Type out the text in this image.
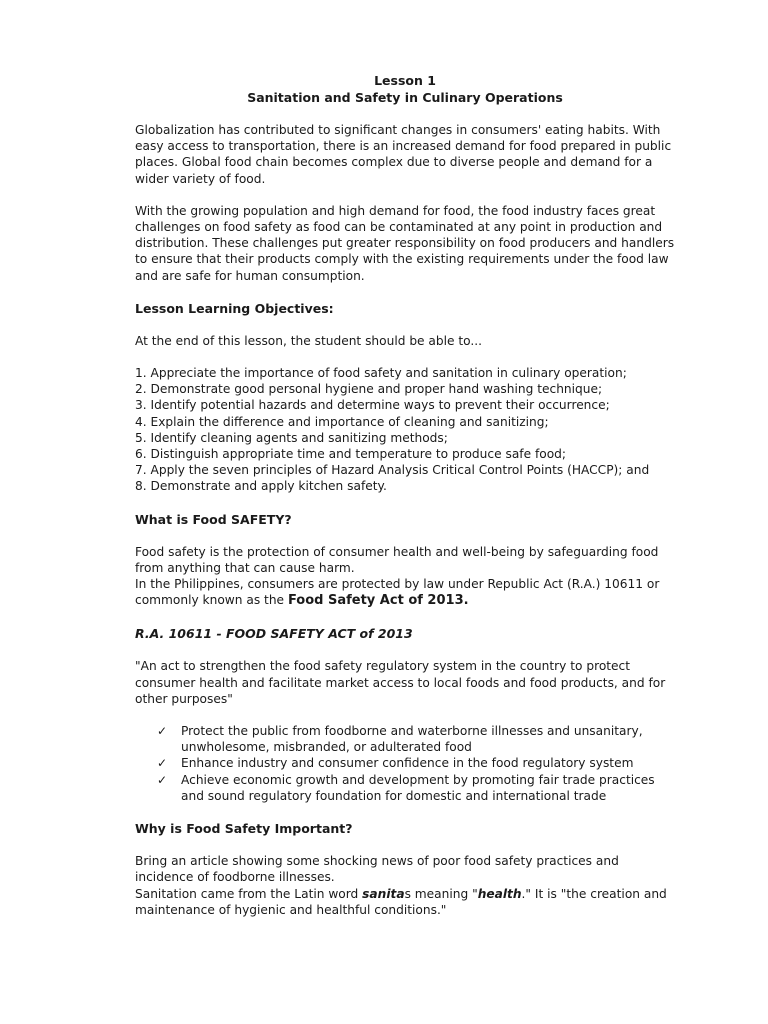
Lesson 1

Sanitation and Safety in Culinary Operations

Globalization has contributed to significant changes in consumers' eating habits. With easy access to transportation, there is an increased demand for food prepared in public places. Global food chain becomes complex due to diverse people and demand for a wider variety of food.

With the growing population and high demand for food, the food industry faces great challenges on food safety as food can be contaminated at any point in production and distribution. These challenges put greater responsibility on food producers and handlers to ensure that their products comply with the existing requirements under the food law and are safe for human consumption.

Lesson Learning Objectives:

At the end of this lesson, the student should be able to...

1. Appreciate the importance of food safety and sanitation in culinary operation;
2. Demonstrate good personal hygiene and proper hand washing technique;
3. Identify potential hazards and determine ways to prevent their occurrence;
4. Explain the difference and importance of cleaning and sanitizing;
5. Identify cleaning agents and sanitizing methods;
6. Distinguish appropriate time and temperature to produce safe food;
7. Apply the seven principles of Hazard Analysis Critical Control Points (HACCP); and
8. Demonstrate and apply kitchen safety.

What is Food SAFETY?

Food safety is the protection of consumer health and well-being by safeguarding food from anything that can cause harm.

In the Philippines, consumers are protected by law under Republic Act (R.A.) 10611 or commonly known as the Food Safety Act of 2013.

R.A. 10611 - FOOD SAFETY ACT of 2013

"An act to strengthen the food safety regulatory system in the country to protect consumer health and facilitate market access to local foods and food products, and for other purposes"

✓ Protect the public from foodborne and waterborne illnesses and unsanitary, unwholesome, misbranded, or adulterated food
✓ Enhance industry and consumer confidence in the food regulatory system
✓ Achieve economic growth and development by promoting fair trade practices and sound regulatory foundation for domestic and international trade

Why is Food Safety Important?

Bring an article showing some shocking news of poor food safety practices and incidence of foodborne illnesses.

Sanitation came from the Latin word sanitas meaning "health." It is "the creation and maintenance of hygienic and healthful conditions."
